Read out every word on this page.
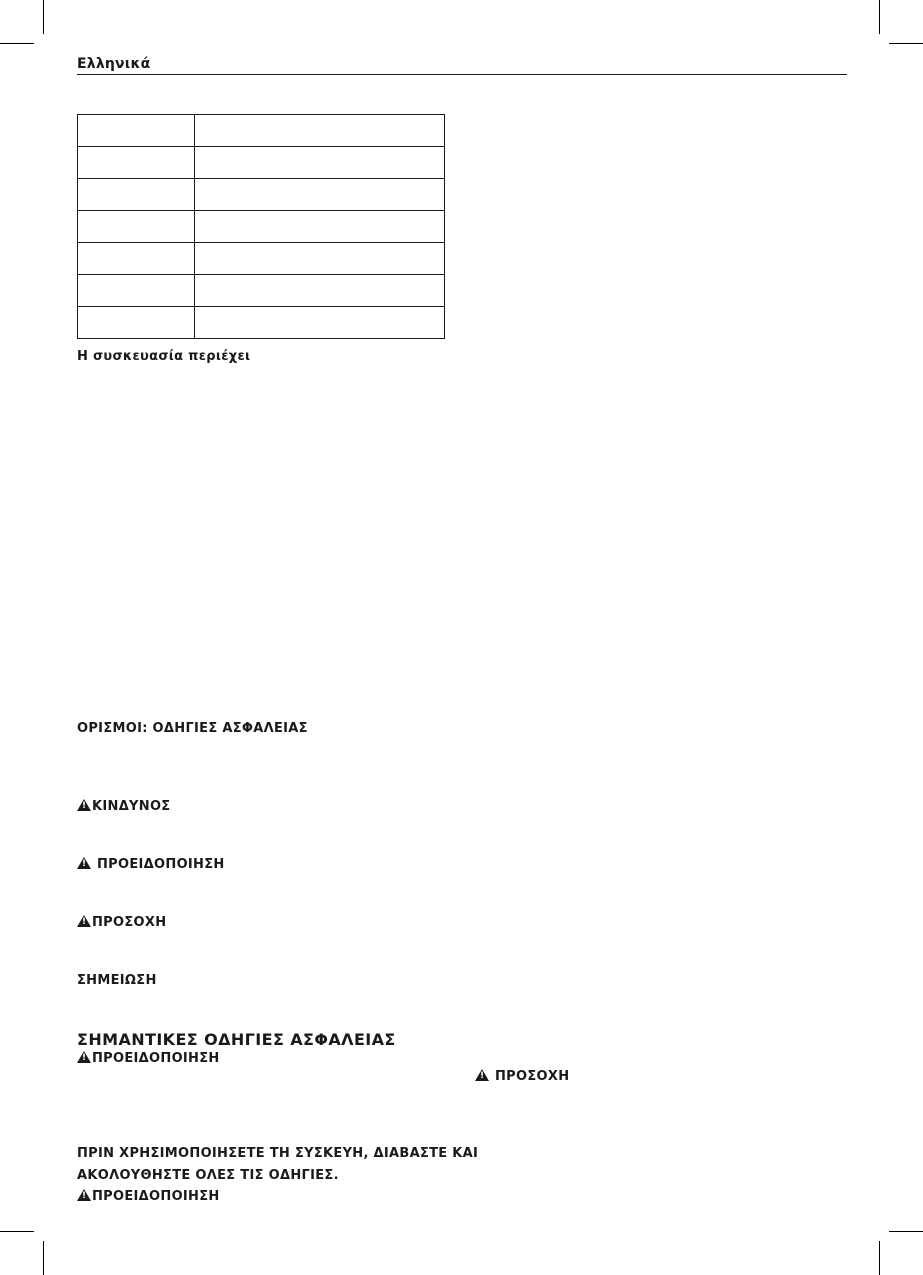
Ελληνικά

Η συσκευασία περιέχει
ΟΡΙΣΜΟΙ: ΟΔΗΓΙΕΣ ΑΣΦΑΛΕΙΑΣ
!ΚΙΝΔΥΝΟΣ
!ΠΡΟΕΙΔΟΠΟΙΗΣΗ
!ΠΡΟΣΟΧΗ
ΣΗΜΕΙΩΣΗ
ΣΗΜΑΝΤΙΚΕΣ ΟΔΗΓΙΕΣ ΑΣΦΑΛΕΙΑΣ
!ΠΡΟΕΙΔΟΠΟΙΗΣΗ
ΠΡΙΝ ΧΡΗΣΙΜΟΠΟΙΗΣΕΤΕ ΤΗ ΣΥΣΚΕΥΗ, ΔΙΑΒΑΣΤΕ ΚΑΙ
ΑΚΟΛΟΥΘΗΣΤΕ ΟΛΕΣ ΤΙΣ ΟΔΗΓΙΕΣ.
!ΠΡΟΕΙΔΟΠΟΙΗΣΗ
!ΠΡΟΣΟΧΗ
